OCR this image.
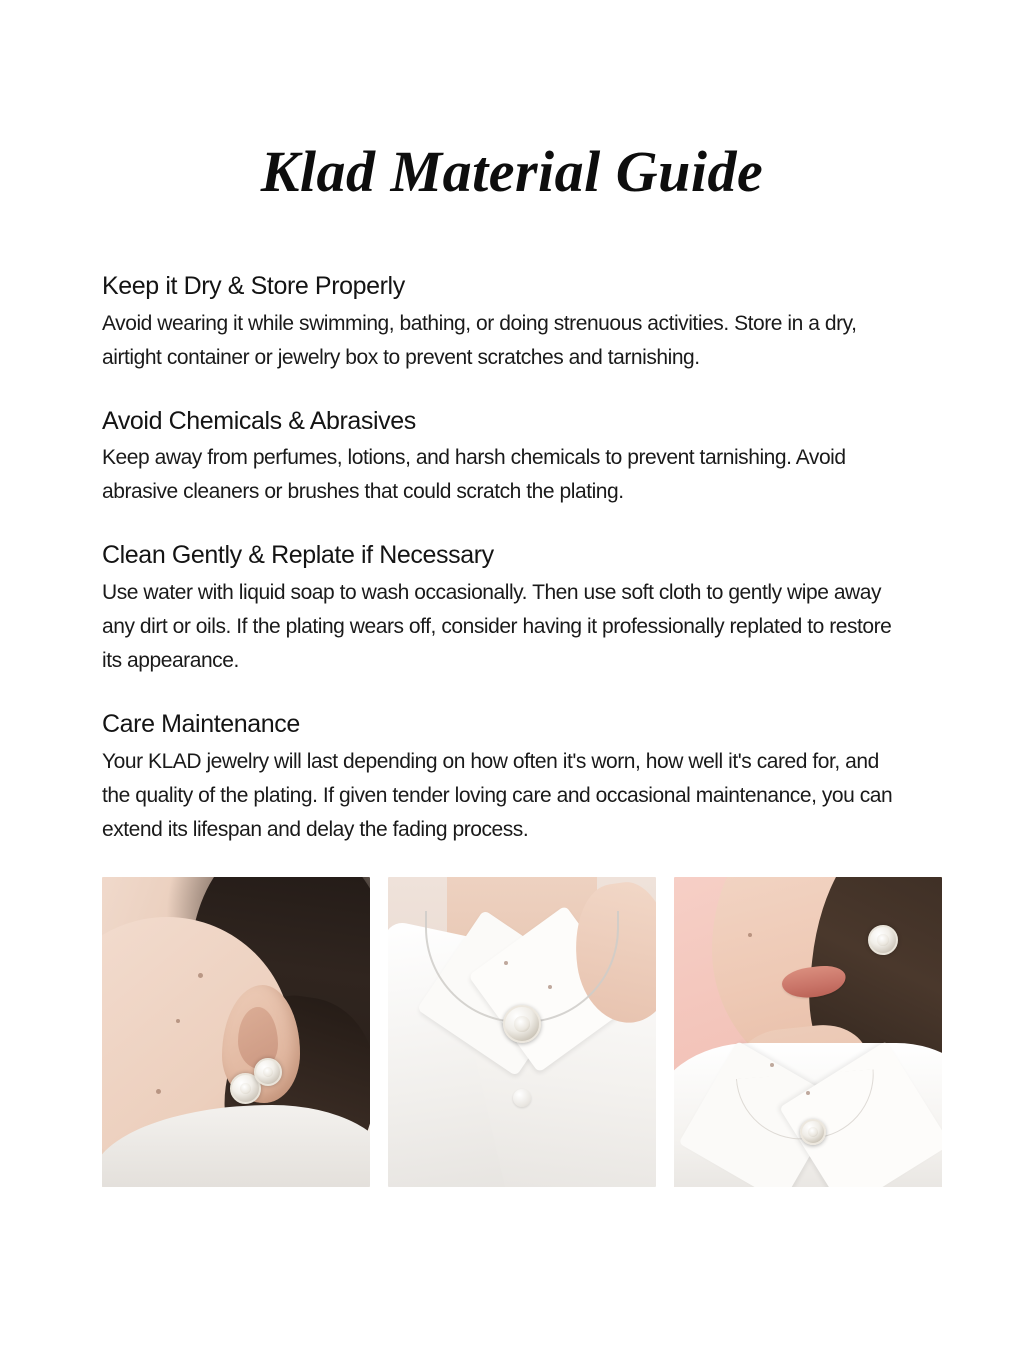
Klad Material Guide
Keep it Dry & Store Properly

Avoid wearing it while swimming, bathing, or doing strenuous activities. Store in a dry, airtight container or jewelry box to prevent scratches and tarnishing.

Avoid Chemicals & Abrasives

Keep away from perfumes, lotions, and harsh chemicals to prevent tarnishing. Avoid abrasive cleaners or brushes that could scratch the plating.

Clean Gently & Replate if Necessary

Use water with liquid soap to wash occasionally. Then use soft cloth to gently wipe away any dirt or oils. If the plating wears off, consider having it professionally replated to restore its appearance.

Care Maintenance

Your KLAD jewelry will last depending on how often it's worn, how well it's cared for, and the quality of the plating. If given tender loving care and occasional maintenance, you can extend its lifespan and delay the fading process.
